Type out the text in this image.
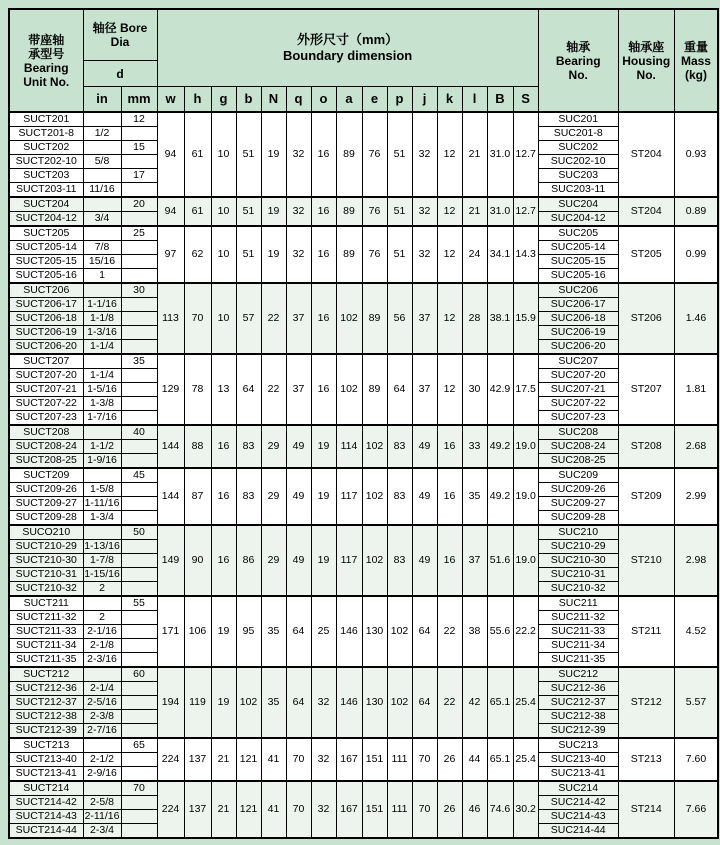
带座轴
承型号
Bearing
Unit No.

轴径 Bore
Dia	外形尺寸（mm）
Boundary dimension

轴承
Bearing
No.

轴承座
Housing
No.

重量
Mass
(kg)

	d																			
	in	mm	w	h	g	b	N	q	o	a	e	p	j	k	l	B	S			
SUCT201		12	94	61	10	51	19	32	16	89	76	51	32	12	21	31.0	12.7	SUC201	ST204	0.93
SUCT201-8	1/2																	SUC201-8		
SUCT202		15																SUC202		
SUCT202-10	5/8																	SUC202-10		
SUCT203		17																SUC203		
SUCT203-11	11/16																	SUC203-11		
SUCT204		20	94	61	10	51	19	32	16	89	76	51	32	12	21	31.0	12.7	SUC204	ST204	0.89
SUCT204-12	3/4																	SUC204-12		
SUCT205		25	97	62	10	51	19	32	16	89	76	51	32	12	24	34.1	14.3	SUC205	ST205	0.99
SUCT205-14	7/8																	SUC205-14		
SUCT205-15	15/16																	SUC205-15		
SUCT205-16	1																	SUC205-16		
SUCT206		30	113	70	10	57	22	37	16	102	89	56	37	12	28	38.1	15.9	SUC206	ST206	1.46
SUCT206-17	1-1/16																	SUC206-17		
SUCT206-18	1-1/8																	SUC206-18		
SUCT206-19	1-3/16																	SUC206-19		
SUCT206-20	1-1/4																	SUC206-20		
SUCT207		35	129	78	13	64	22	37	16	102	89	64	37	12	30	42.9	17.5	SUC207	ST207	1.81
SUCT207-20	1-1/4																	SUC207-20		
SUCT207-21	1-5/16																	SUC207-21		
SUCT207-22	1-3/8																	SUC207-22		
SUCT207-23	1-7/16																	SUC207-23		
SUCT208		40	144	88	16	83	29	49	19	114	102	83	49	16	33	49.2	19.0	SUC208	ST208	2.68
SUCT208-24	1-1/2																	SUC208-24		
SUCT208-25	1-9/16																	SUC208-25		
SUCT209		45	144	87	16	83	29	49	19	117	102	83	49	16	35	49.2	19.0	SUC209	ST209	2.99
SUCT209-26	1-5/8																	SUC209-26		
SUCT209-27	1-11/16																	SUC209-27		
SUCT209-28	1-3/4																	SUC209-28		
SUCO210		50	149	90	16	86	29	49	19	117	102	83	49	16	37	51.6	19.0	SUC210	ST210	2.98
SUCT210-29	1-13/16																	SUC210-29		
SUCT210-30	1-7/8																	SUC210-30		
SUCT210-31	1-15/16																	SUC210-31		
SUCT210-32	2																	SUC210-32		
SUCT211		55	171	106	19	95	35	64	25	146	130	102	64	22	38	55.6	22.2	SUC211	ST211	4.52
SUCT211-32	2																	SUC211-32		
SUCT211-33	2-1/16																	SUC211-33		
SUCT211-34	2-1/8																	SUC211-34		
SUCT211-35	2-3/16																	SUC211-35		
SUCT212		60	194	119	19	102	35	64	32	146	130	102	64	22	42	65.1	25.4	SUC212	ST212	5.57
SUCT212-36	2-1/4																	SUC212-36		
SUCT212-37	2-5/16																	SUC212-37		
SUCT212-38	2-3/8																	SUC212-38		
SUCT212-39	2-7/16																	SUC212-39		
SUCT213		65	224	137	21	121	41	70	32	167	151	111	70	26	44	65.1	25.4	SUC213	ST213	7.60
SUCT213-40	2-1/2																	SUC213-40		
SUCT213-41	2-9/16																	SUC213-41		
SUCT214		70	224	137	21	121	41	70	32	167	151	111	70	26	46	74.6	30.2	SUC214	ST214	7.66
SUCT214-42	2-5/8																	SUC214-42		
SUCT214-43	2-11/16																	SUC214-43		
SUCT214-44	2-3/4																	SUC214-44		
